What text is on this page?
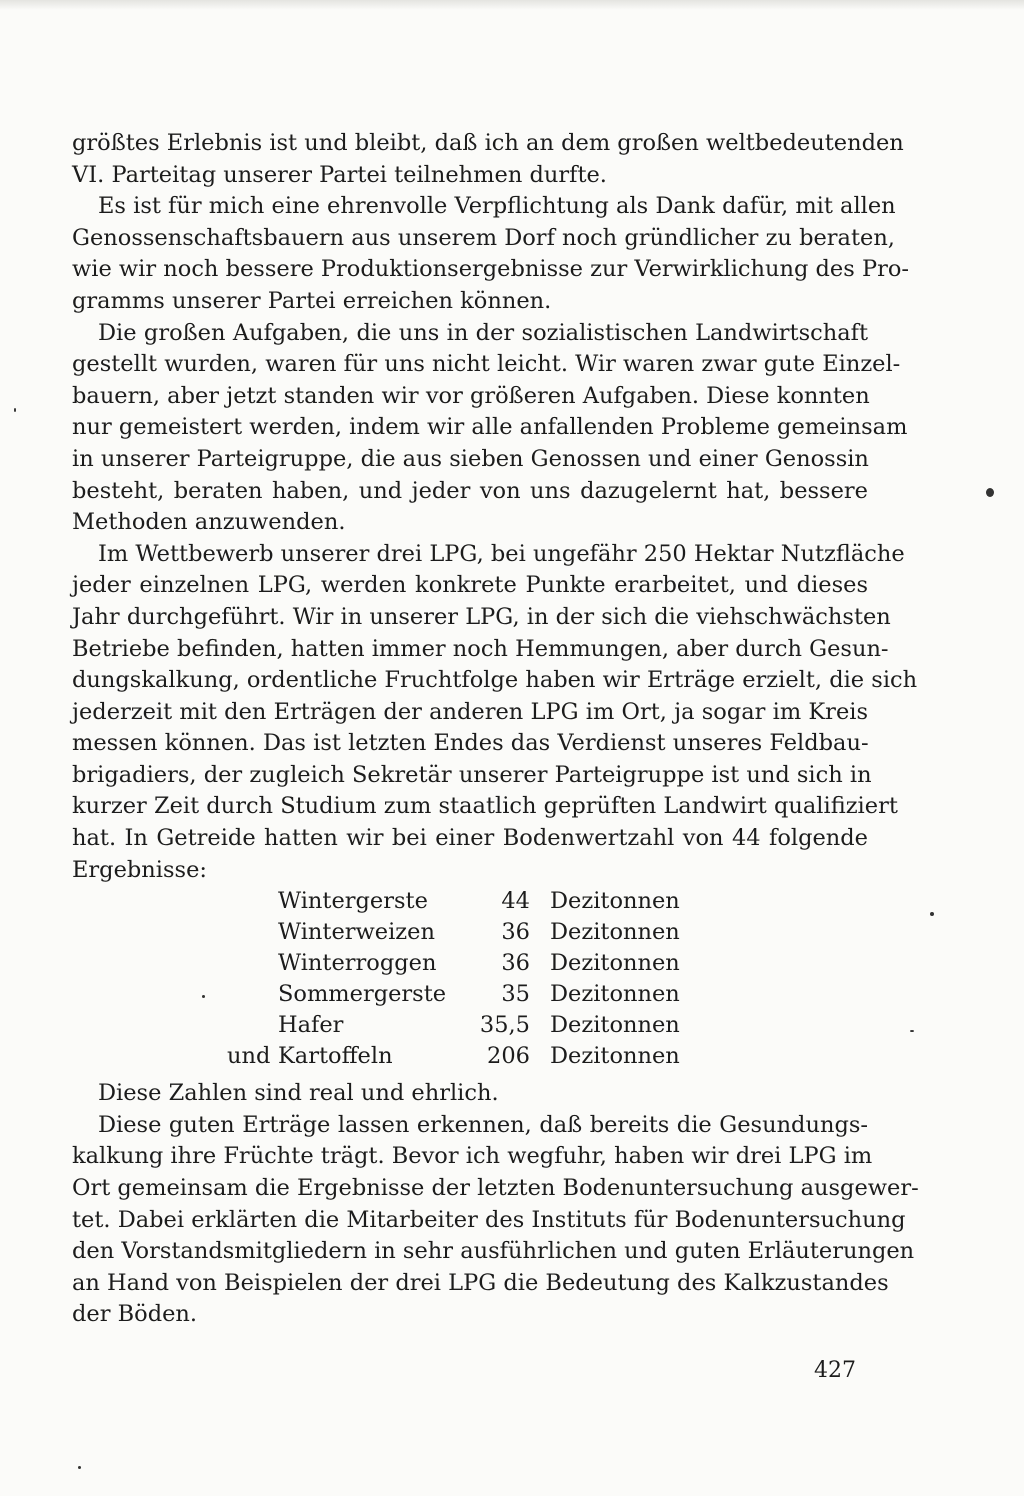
größtes Erlebnis ist und bleibt, daß ich an dem großen weltbedeutenden
VI. Parteitag unserer Partei teilnehmen durfte.
Es ist für mich eine ehrenvolle Verpflichtung als Dank dafür, mit allen
Genossenschaftsbauern aus unserem Dorf noch gründlicher zu beraten,
wie wir noch bessere Produktionsergebnisse zur Verwirklichung des Pro-
gramms unserer Partei erreichen können.
Die großen Aufgaben, die uns in der sozialistischen Landwirtschaft
gestellt wurden, waren für uns nicht leicht. Wir waren zwar gute Einzel-
bauern, aber jetzt standen wir vor größeren Aufgaben. Diese konnten
nur gemeistert werden, indem wir alle anfallenden Probleme gemeinsam
in unserer Parteigruppe, die aus sieben Genossen und einer Genossin
besteht, beraten haben, und jeder von uns dazugelernt hat, bessere
Methoden anzuwenden.
Im Wettbewerb unserer drei LPG, bei ungefähr 250 Hektar Nutzfläche
jeder einzelnen LPG, werden konkrete Punkte erarbeitet, und dieses
Jahr durchgeführt. Wir in unserer LPG, in der sich die viehschwächsten
Betriebe befinden, hatten immer noch Hemmungen, aber durch Gesun-
dungskalkung, ordentliche Fruchtfolge haben wir Erträge erzielt, die sich
jederzeit mit den Erträgen der anderen LPG im Ort, ja sogar im Kreis
messen können. Das ist letzten Endes das Verdienst unseres Feldbau-
brigadiers, der zugleich Sekretär unserer Parteigruppe ist und sich in
kurzer Zeit durch Studium zum staatlich geprüften Landwirt qualifiziert
hat. In Getreide hatten wir bei einer Bodenwertzahl von 44 folgende
Ergebnisse:
Wintergerste	44 Dezitonnen
Winterweizen	36 Dezitonnen
Winterroggen	36 Dezitonnen
Sommergerste 35 Dezitonnen
Hafer	35,5 Dezitonnen
und Kartoffeln	206 Dezitonnen
Diese Zahlen sind real und ehrlich.
Diese guten Erträge lassen erkennen, daß bereits die Gesundungs-
kalkung ihre Früchte trägt. Bevor ich wegfuhr, haben wir drei LPG im
Ort gemeinsam die Ergebnisse der letzten Bodenuntersuchung ausgewer-
tet. Dabei erklärten die Mitarbeiter des Instituts für Bodenuntersuchung
den Vorstandsmitgliedern in sehr ausführlichen und guten Erläuterungen
an Hand von Beispielen der drei LPG die Bedeutung des Kalkzustandes
der Böden.
427
